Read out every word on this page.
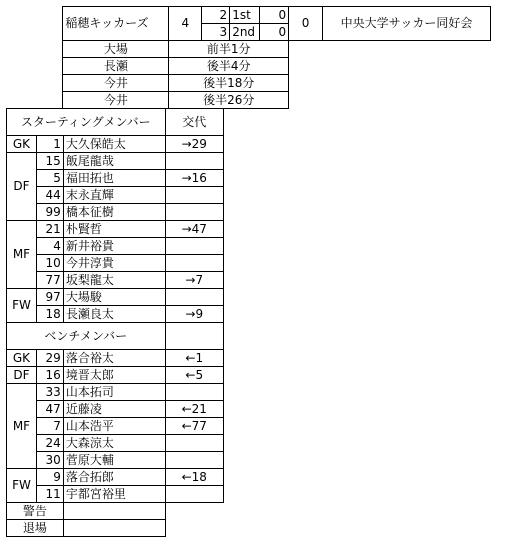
	稲穂キッカーズ	4	2	1st	0	0	中央大学サッカー同好会
			3	2nd	0		
	大場	前半1分					
	長瀬	後半4分					
	今井	後半18分					
	今井	後半26分					
スターティングメンバー			交代
GK	1	大久保皓太	→29
DF	15	飯尾龍哉	
	5	福田拓也	→16
	44	末永直輝	
	99	橋本征樹	
MF	21	朴賢哲	→47
	4	新井裕貴	
	10	今井淳貴	
	77	坂梨龍太	→7
FW	97	大場駿	
	18	長瀬良太	→9
ベンチメンバー			
GK	29	落合裕太	←1
DF	16	境晋太郎	←5
MF	33	山本拓司	
	47	近藤凌	←21
	7	山本浩平	←77
	24	大森涼太	
	30	菅原大輔	
FW	9	落合拓郎	←18
	11	宇都宮裕里	
警告			
退場			
